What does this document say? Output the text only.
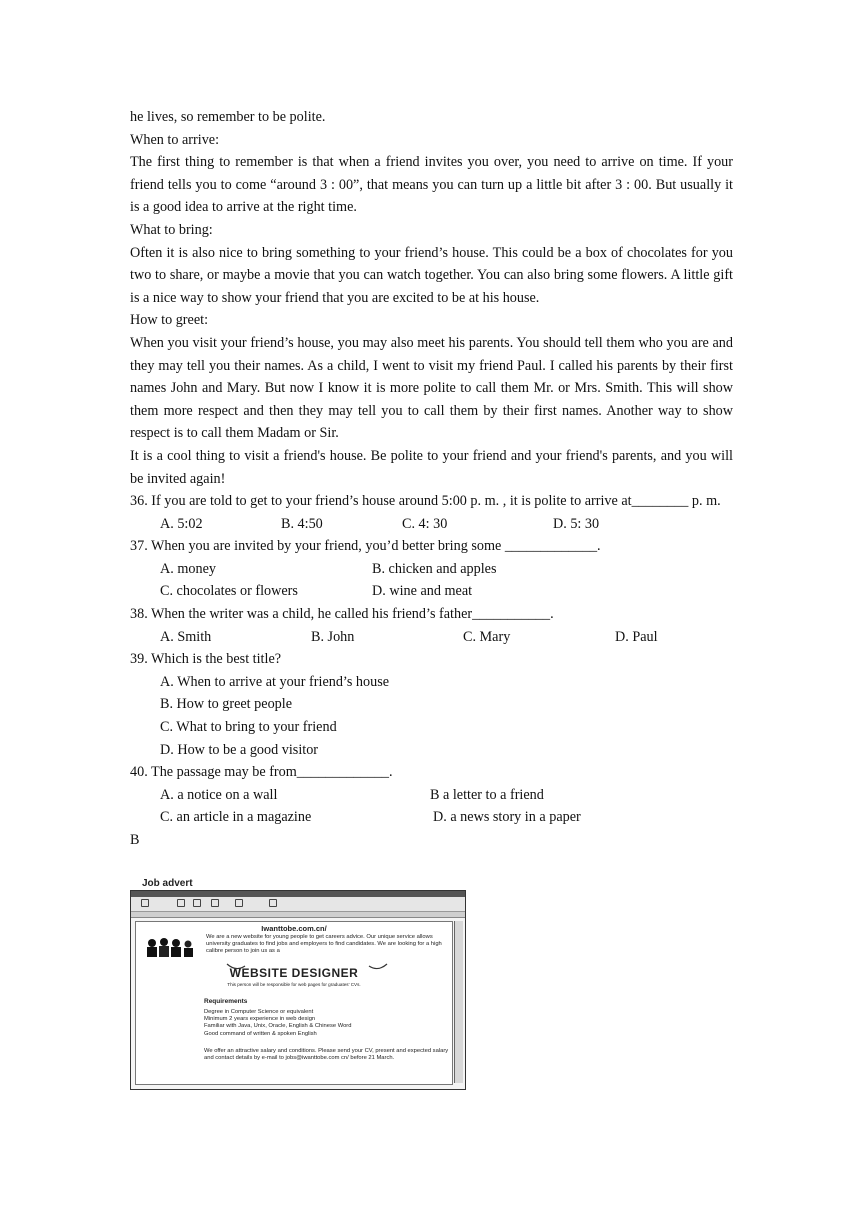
he lives, so remember to be polite.
When to arrive:
The first thing to remember is that when a friend invites you over, you need to arrive on time. If your friend tells you to come “around 3 : 00”, that means you can turn up a little bit after 3 : 00. But usually it is a good idea to arrive at the right time.
What to bring:
Often it is also nice to bring something to your friend’s house. This could be a box of chocolates for you two to share, or maybe a movie that you can watch together. You can also bring some flowers. A little gift is a nice way to show your friend that you are excited to be at his house.
How to greet:
When you visit your friend’s house, you may also meet his parents. You should tell them who you are and they may tell you their names. As a child, I went to visit my friend Paul. I called his parents by their first names John and Mary. But now I know it is more polite to call them Mr. or Mrs. Smith. This will show them more respect and then they may tell you to call them by their first names. Another way to show respect is to call them Madam or Sir.
It is a cool thing to visit a friend's house. Be polite to your friend and your friend's parents, and you will be invited again!
36. If you are told to get to your friend’s house around 5:00 p. m. , it is polite to arrive at________ p. m.
A. 5:02	B. 4:50	C. 4: 30	D. 5: 30
37. When you are invited by your friend, you’d better bring some _____________.
A. money	B. chicken and apples
C. chocolates or flowers	D. wine and meat
38. When the writer was a child, he called his friend’s father___________.
A. Smith	B. John	C. Mary	D. Paul
39. Which is the best title?
A. When to arrive at your friend’s house
B. How to greet people
C. What to bring to your friend
D. How to be a good visitor
40. The passage may be from_____________.
A. a notice on a wall	B a letter to a friend
C. an article in a magazine	D. a news story in a paper
B
Job advert
Iwanttobe.com.cn/
We are a new website for young people to get careers advice. Our unique service allows university graduates to find jobs and employers to find candidates. We are looking for a high calibre person to join us as a
WEBSITE DESIGNER
This person will be responsible for web pages for graduates' CVs.
Requirements
Degree in Computer Science or equivalent
Minimum 2 years experience in web design
Familiar with Java, Unix, Oracle, English & Chinese Word
Good command of written & spoken English
We offer an attractive salary and conditions. Please send your CV, present and expected salary and contact details by e-mail to jobs@iwanttobe.com cn/ before 21 March.
